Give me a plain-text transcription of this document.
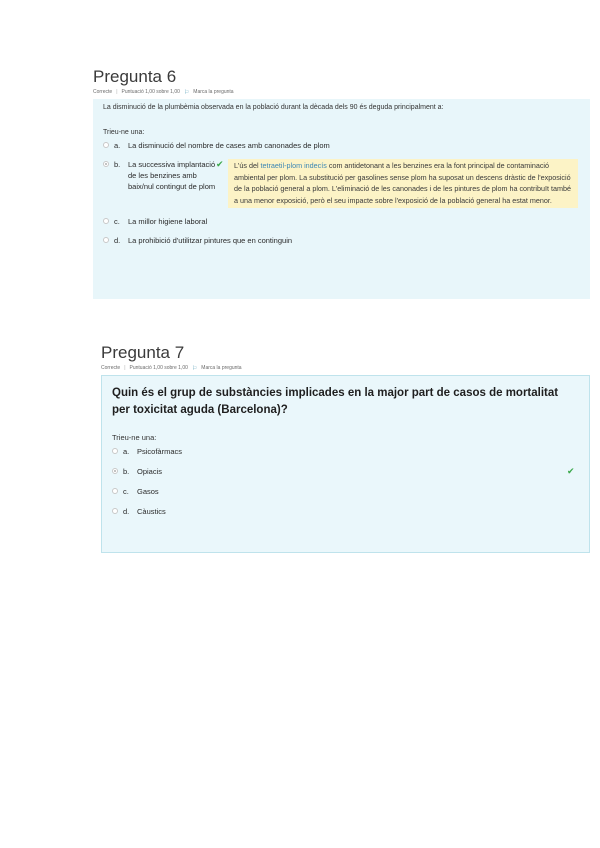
Pregunta 6
Correcte | Puntuació 1,00 sobre 1,00 ⚐ Marca la pregunta
La disminució de la plumbèmia observada en la població durant la dècada dels 90 és deguda principalment a:
Trieu-ne una:
a.	La disminució del nombre de cases amb canonades de plom
b.	La successiva implantació de les benzines amb baix/nul contingut de plom
✔	L'ús del tetraetil-plom indecís com antidetonant a les benzines era la font principal de contaminació ambiental per plom. La substitució per gasolines sense plom ha suposat un descens dràstic de l'exposició de la població general a plom. L'eliminació de les canonades i de les pintures de plom ha contribuït també a una menor exposició, però el seu impacte sobre l'exposició de la població general ha estat menor.
c.	La millor higiene laboral
d.	La prohibició d'utilitzar pintures que en continguin
Pregunta 7
Correcte | Puntuació 1,00 sobre 1,00 ⚐ Marca la pregunta
Quin és el grup de substàncies implicades en la major part de casos de mortalitat per toxicitat aguda (Barcelona)?
Trieu-ne una:
a.	Psicofàrmacs
b.	Opiacis	✔
c.	Gasos
d.	Càustics
